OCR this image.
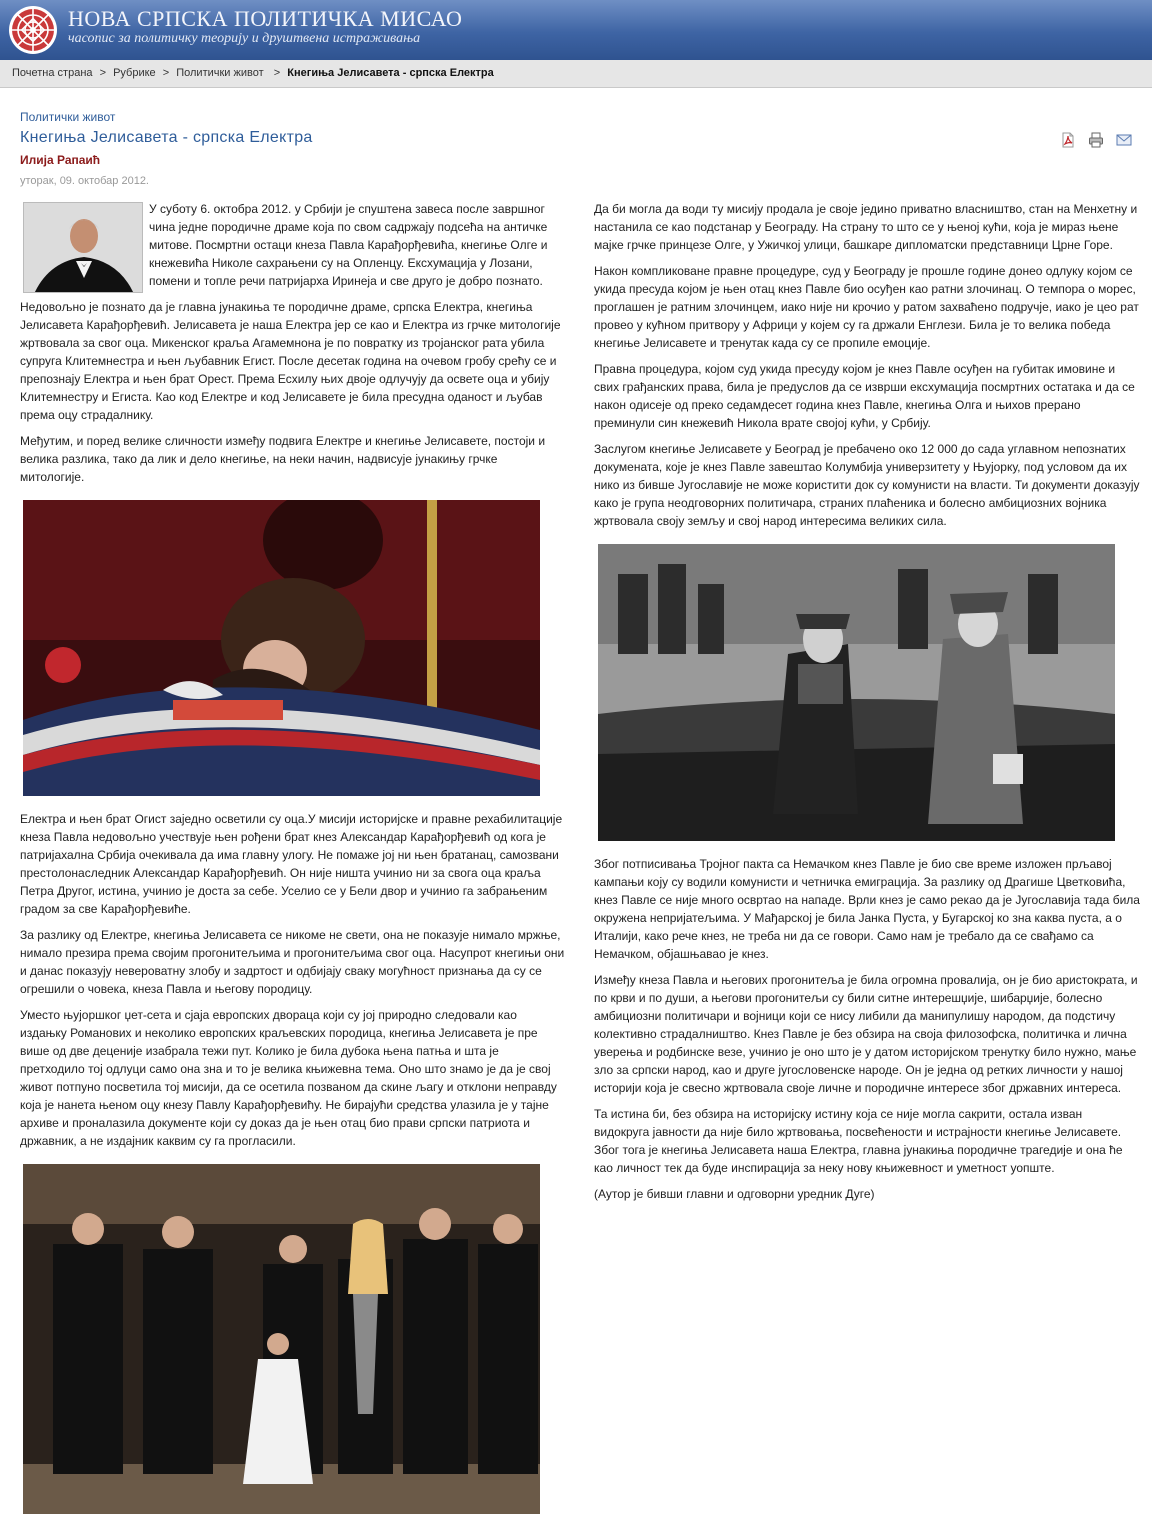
НОВА СРПСКА ПОЛИТИЧКА МИСАО
часопис за политичку теорију и друштвена истраживања
Почетна страна > Рубрике > Политички живот  > Кнегиња Јелисавета - српска Електра
Политички живот
Кнегиња Јелисавета - српска Електра
Илија Рапаић
уторак, 09. октобар 2012.

У суботу 6. октобра 2012. у Србији је спуштена завеса после завршног чина једне породичне драме која по свом садржају подсећа на античке митове. Посмртни остаци кнеза Павла Карађорђевића, кнегиње Олге и кнежевића Николе сахрањени су на Опленцу. Ексхумација у Лозани, помени и топле речи патријарха Иринеја и све друго је добро познато.

Недовољно је познато да је главна јунакиња те породичне драме, српска Електра, кнегиња Јелисавета Карађорђевић. Јелисавета је наша Електра јер се као и Електра из грчке митологије жртвовала за свог оца. Микенског краља Агамемнона је по повратку из тројанског рата убила супруга Клитемнестра и њен љубавник Егист. После десетак година на очевом гробу срећу се и препознају Електра и њен брат Орест. Према Есхилу њих двоје одлучују да освете оца и убију Клитемнестру и Егиста. Као код Електре и код Јелисавете је била пресудна оданост и љубав према оцу страдалнику.

Међутим, и поред велике сличности између подвига Електре и кнегиње Јелисавете, постоји и велика разлика, тако да лик и дело кнегиње, на неки начин, надвисује јунакињу грчке митологије.

Електра и њен брат Огист заједно осветили су оца.У мисији историјске и правне рехабилитације кнеза Павла недовољно учествује њен рођени брат кнез Александар Карађорђевић од кога је патријахална Србија очекивала да има главну улогу. Не помаже јој ни њен братанац, самозвани престолонаследник Александар Карађорђевић. Он није ништа учинио ни за свога оца краља Петра Другог, истина, учинио је доста за себе. Уселио се у Бели двор и учинио га забрањеним градом за све Карађорђевиће.

За разлику од Електре, кнегиња Јелисавета се никоме не свети, она не показује нимало мржње, нимало презира према својим прогонитељима и прогонитељима свог оца. Насупрот кнегињи они и данас показују невероватну злобу и задртост и одбијају сваку могућност признања да су се огрешили о човека, кнеза Павла и његову породицу.

Уместо њујоршког џет-сета и сјаја европских двораца који су јој природно следовали као издањку Романових и неколико европских краљевских породица, кнегиња Јелисавета је пре више од две деценије изабрала тежи пут. Колико је била дубока њена патња и шта је претходило тој одлуци само она зна и то је велика књижевна тема. Оно што знамо је да је свој живот потпуно посветила тој мисији, да се осетила позваном да скине љагу и отклони неправду која је нанета њеном оцу кнезу Павлу Карађорђевићу. Не бирајући средства улазила је у тајне архиве и проналазила документе који су доказ да је њен отац био прави српски патриота и државник, а не издајник каквим су га прогласили.

Да би могла да води ту мисију продала је своје једино приватно власништво, стан на Менхетну и настанила се као подстанар у Београду. На страну то што се у њеној кући, која је мираз њене мајке грчке принцезе Олге, у Ужичкој улици, башкаре дипломатски представници Црне Горе.

Након компликоване правне процедуре, суд у Београду је прошле године донео одлуку којом се укида пресуда којом је њен отац кнез Павле био осуђен као ратни злочинац. О темпора о морес, проглашен је ратним злочинцем, иако није ни крочио у ратом захваћено подручје, иако је цео рат провео у кућном притвору у Африци у којем су га држали Енглези. Била је то велика победа кнегиње Јелисавете и тренутак када су се пропиле емоције.

Правна процедура, којом суд укида пресуду којом је кнез Павле осуђен на губитак имовине и свих грађанских права, била је предуслов да се изврши ексхумација посмртних остатака и да се након одисеје од преко седамдесет година кнез Павле, кнегиња Олга и њихов прерано преминули син кнежевић Никола врате својој кући, у Србију.

Заслугом кнегиње Јелисавете у Београд је пребачено око 12 000 до сада углавном непознатих докумената, које је кнез Павле завештао Колумбија универзитету у Њујорку, под условом да их нико из бивше Југославије не може користити док су комунисти на власти. Ти документи доказују како је група неодговорних политичара, страних плаћеника и болесно амбициозних војника жртвовала своју земљу и свој народ интересима великих сила.

Због потписивања Тројног пакта са Немачком кнез Павле је био све време изложен прљавој кампањи коју су водили комунисти и четничка емиграција. За разлику од Драгише Цветковића, кнез Павле се није много освртао на нападе. Врли кнез је само рекао да је Југославија тада била окружена непријатељима. У Мађарској је била Јанка Пуста, у Бугарској ко зна каква пуста, а о Италији, како рече кнез, не треба ни да се говори. Само нам је требало да се свађамо са Немачком, објашњавао је кнез.

Између кнеза Павла и његових прогонитеља је била огромна провалија, он је био аристократа, и по крви и по души, а његови прогонитељи су били ситне интерешџије, шибарџије, болесно амбициозни политичари и војници који се нису либили да манипулишу народом, да подстичу колективно страдалништво. Кнез Павле је без обзира на своја филозофска, политичка и лична уверења и родбинске везе, учинио је оно што је у датом историјском тренутку било нужно, мање зло за српски народ, као и друге југословенске народе. Он је једна од ретких личности у нашој историји која је свесно жртвовала своје личне и породичне интересе због државних интереса.

Та истина би, без обзира на историјску истину која се није могла сакрити, остала изван видокруга јавности да није било жртвовања, посвећености и истрајности кнегиње Јелисавете. Због тога је кнегиња Јелисавета наша Електра, главна јунакиња породичне трагедије и она ће као личност тек да буде инспирација за неку нову књижевност и уметност уопште.

(Аутор је бивши главни и одговорни уредник Дуге)
